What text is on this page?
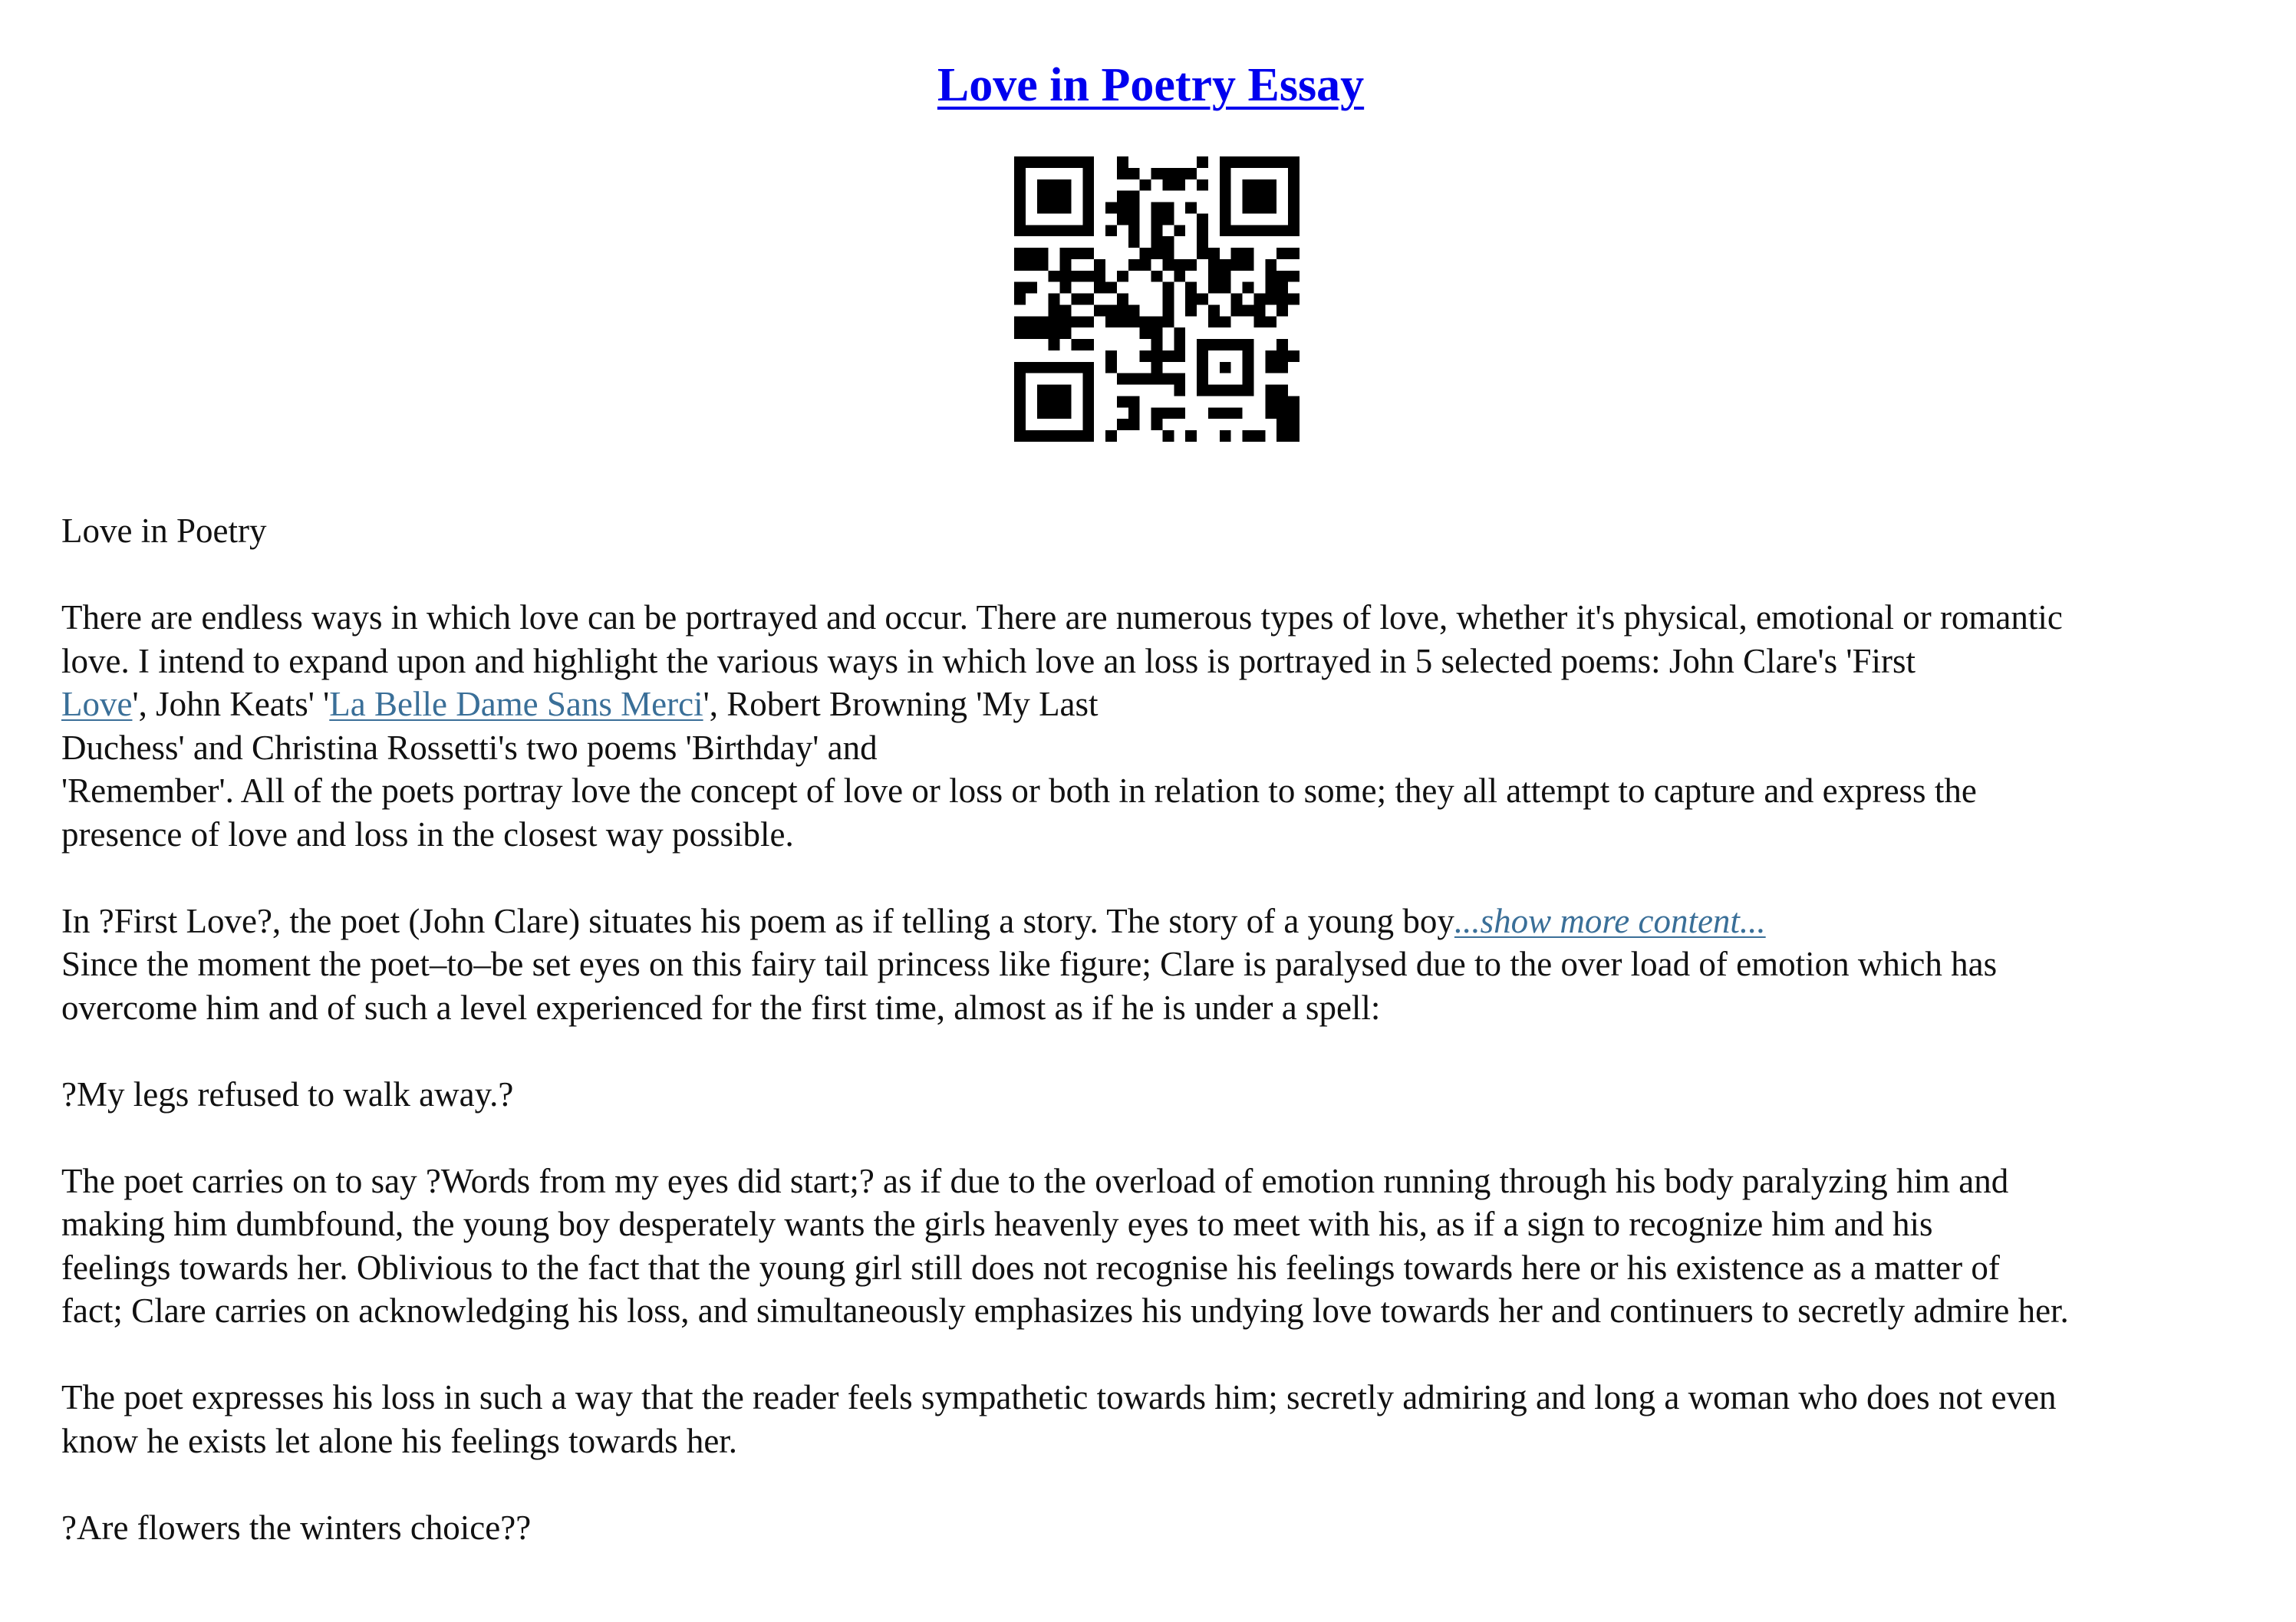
Love in Poetry Essay

Love in Poetry

There are endless ways in which love can be portrayed and occur. There are numerous types of love, whether it's physical, emotional or romantic
love. I intend to expand upon and highlight the various ways in which love an loss is portrayed in 5 selected poems: John Clare's 'First
Love', John Keats' 'La Belle Dame Sans Merci', Robert Browning 'My Last
Duchess' and Christina Rossetti's two poems 'Birthday' and
'Remember'. All of the poets portray love the concept of love or loss or both in relation to some; they all attempt to capture and express the
presence of love and loss in the closest way possible.

In ?First Love?, the poet (John Clare) situates his poem as if telling a story. The story of a young boy...show more content...
Since the moment the poet–to–be set eyes on this fairy tail princess like figure; Clare is paralysed due to the over load of emotion which has
overcome him and of such a level experienced for the first time, almost as if he is under a spell:

?My legs refused to walk away.?

The poet carries on to say ?Words from my eyes did start;? as if due to the overload of emotion running through his body paralyzing him and
making him dumbfound, the young boy desperately wants the girls heavenly eyes to meet with his, as if a sign to recognize him and his
feelings towards her. Oblivious to the fact that the young girl still does not recognise his feelings towards here or his existence as a matter of
fact; Clare carries on acknowledging his loss, and simultaneously emphasizes his undying love towards her and continuers to secretly admire her.

The poet expresses his loss in such a way that the reader feels sympathetic towards him; secretly admiring and long a woman who does not even
know he exists let alone his feelings towards her.

?Are flowers the winters choice??
